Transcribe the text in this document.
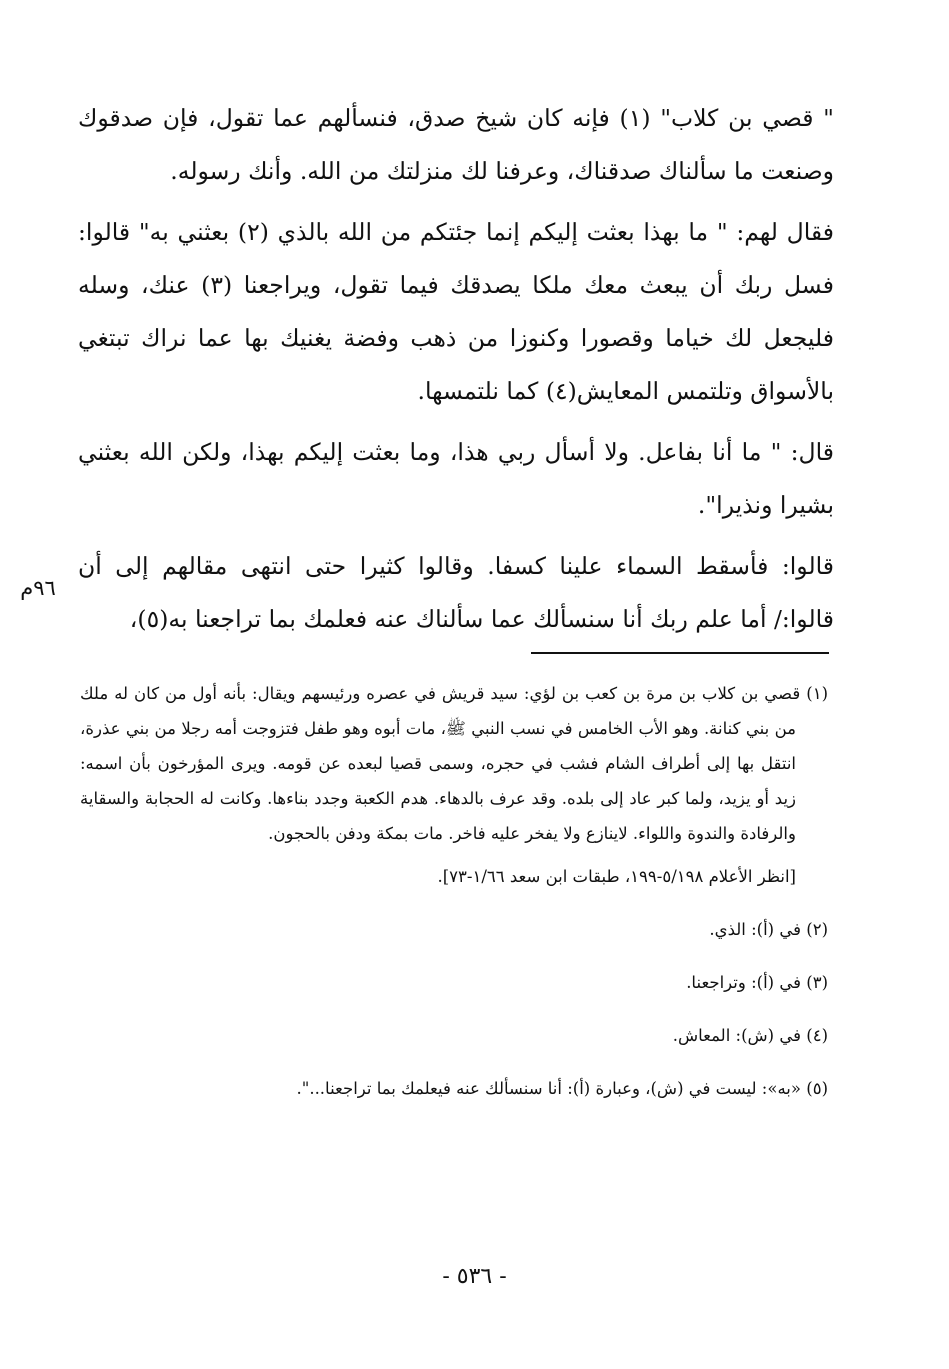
" قصي بن كلاب" (١) فإنه كان شيخ صدق، فنسألهم عما تقول، فإن صدقوك وصنعت ما سألناك صدقناك، وعرفنا لك منزلتك من الله. وأنك رسوله.

فقال لهم: " ما بهذا بعثت إليكم إنما جئتكم من الله بالذي (٢) بعثني به" قالوا: فسل ربك أن يبعث معك ملكا يصدقك فيما تقول، ويراجعنا (٣) عنك، وسله فليجعل لك خياما وقصورا وكنوزا من ذهب وفضة يغنيك بها عما نراك تبتغي بالأسواق وتلتمس المعايش(٤) كما نلتمسها.

قال: " ما أنا بفاعل. ولا أسأل ربي هذا، وما بعثت إليكم بهذا، ولكن الله بعثني بشيرا ونذيرا".

قالوا: فأسقط السماء علينا كسفا. وقالوا كثيرا حتى انتهى مقالهم إلى أن قالوا:/ أما علم ربك أنا سنسألك عما سألناك عنه فعلمك بما تراجعنا به(٥)،

٩٦م

(١) قصي بن كلاب بن مرة بن كعب بن لؤي: سيد قريش في عصره ورئيسهم ويقال: بأنه أول من كان له ملك من بني كنانة. وهو الأب الخامس في نسب النبي ﷺ، مات أبوه وهو طفل فتزوجت أمه رجلا من بني عذرة، انتقل بها إلى أطراف الشام فشب في حجره، وسمى قصيا لبعده عن قومه. ويرى المؤرخون بأن اسمه: زيد أو يزيد، ولما كبر عاد إلى بلده. وقد عرف بالدهاء. هدم الكعبة وجدد بناءها. وكانت له الحجابة والسقاية والرفادة والندوة واللواء. لاينازع ولا يفخر عليه فاخر. مات بمكة ودفن بالحجون.

[انظر الأعلام ٥/١٩٨-١٩٩، طبقات ابن سعد ١/٦٦-٧٣].

(٢) في (أ): الذي.

(٣) في (أ): وتراجعنا.

(٤) في (ش): المعاش.

(٥) «به»: ليست في (ش)، وعبارة (أ): أنا سنسألك عنه فيعلمك بما تراجعنا...".

- ٥٣٦ -
